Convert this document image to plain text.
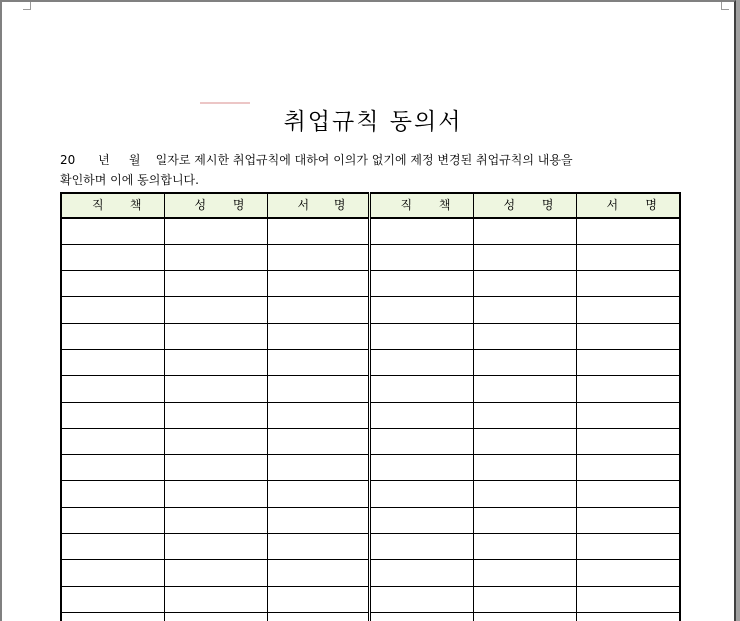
취업규칙 동의서
20      년     월    일자로 제시한 취업규칙에 대하여 이의가 없기에 제정 변경된 취업규칙의 내용을
확인하며 이에 동의합니다.
직 책	성 명	서 명	직 책	성 명	서 명
